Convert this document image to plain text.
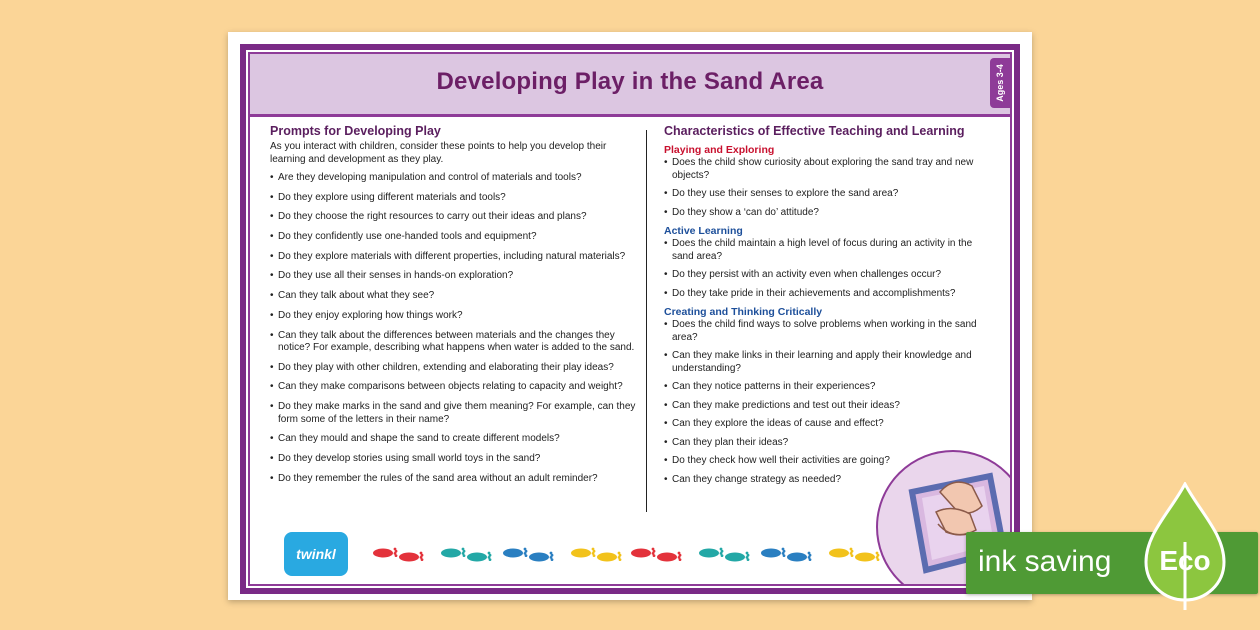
Developing Play in the Sand Area	Ages 3-4
Prompts for Developing Play

As you interact with children, consider these points to help you develop their learning and development as they play.

• Are they developing manipulation and control of materials and tools?
• Do they explore using different materials and tools?
• Do they choose the right resources to carry out their ideas and plans?
• Do they confidently use one-handed tools and equipment?
• Do they explore materials with different properties, including natural materials?
• Do they use all their senses in hands-on exploration?
• Can they talk about what they see?
• Do they enjoy exploring how things work?
• Can they talk about the differences between materials and the changes they notice? For example, describing what happens when water is added to the sand.
• Do they play with other children, extending and elaborating their play ideas?
• Can they make comparisons between objects relating to capacity and weight?
• Do they make marks in the sand and give them meaning? For example, can they form some of the letters in their name?
• Can they mould and shape the sand to create different models?
• Do they develop stories using small world toys in the sand?
• Do they remember the rules of the sand area without an adult reminder?
Characteristics of Effective Teaching and Learning
Playing and Exploring
• Does the child show curiosity about exploring the sand tray and new objects?
• Do they use their senses to explore the sand area?
• Do they show a ‘can do’ attitude?
Active Learning
• Does the child maintain a high level of focus during an activity in the sand area?
• Do they persist with an activity even when challenges occur?
• Do they take pride in their achievements and accomplishments?
Creating and Thinking Critically
• Does the child find ways to solve problems when working in the sand area?
• Can they make links in their learning and apply their knowledge and understanding?
• Can they notice patterns in their experiences?
• Can they make predictions and test out their ideas?
• Can they explore the ideas of cause and effect?
• Can they plan their ideas?
• Do they check how well their activities are going?
• Can they change strategy as needed?
twinkl	ink saving Eco
